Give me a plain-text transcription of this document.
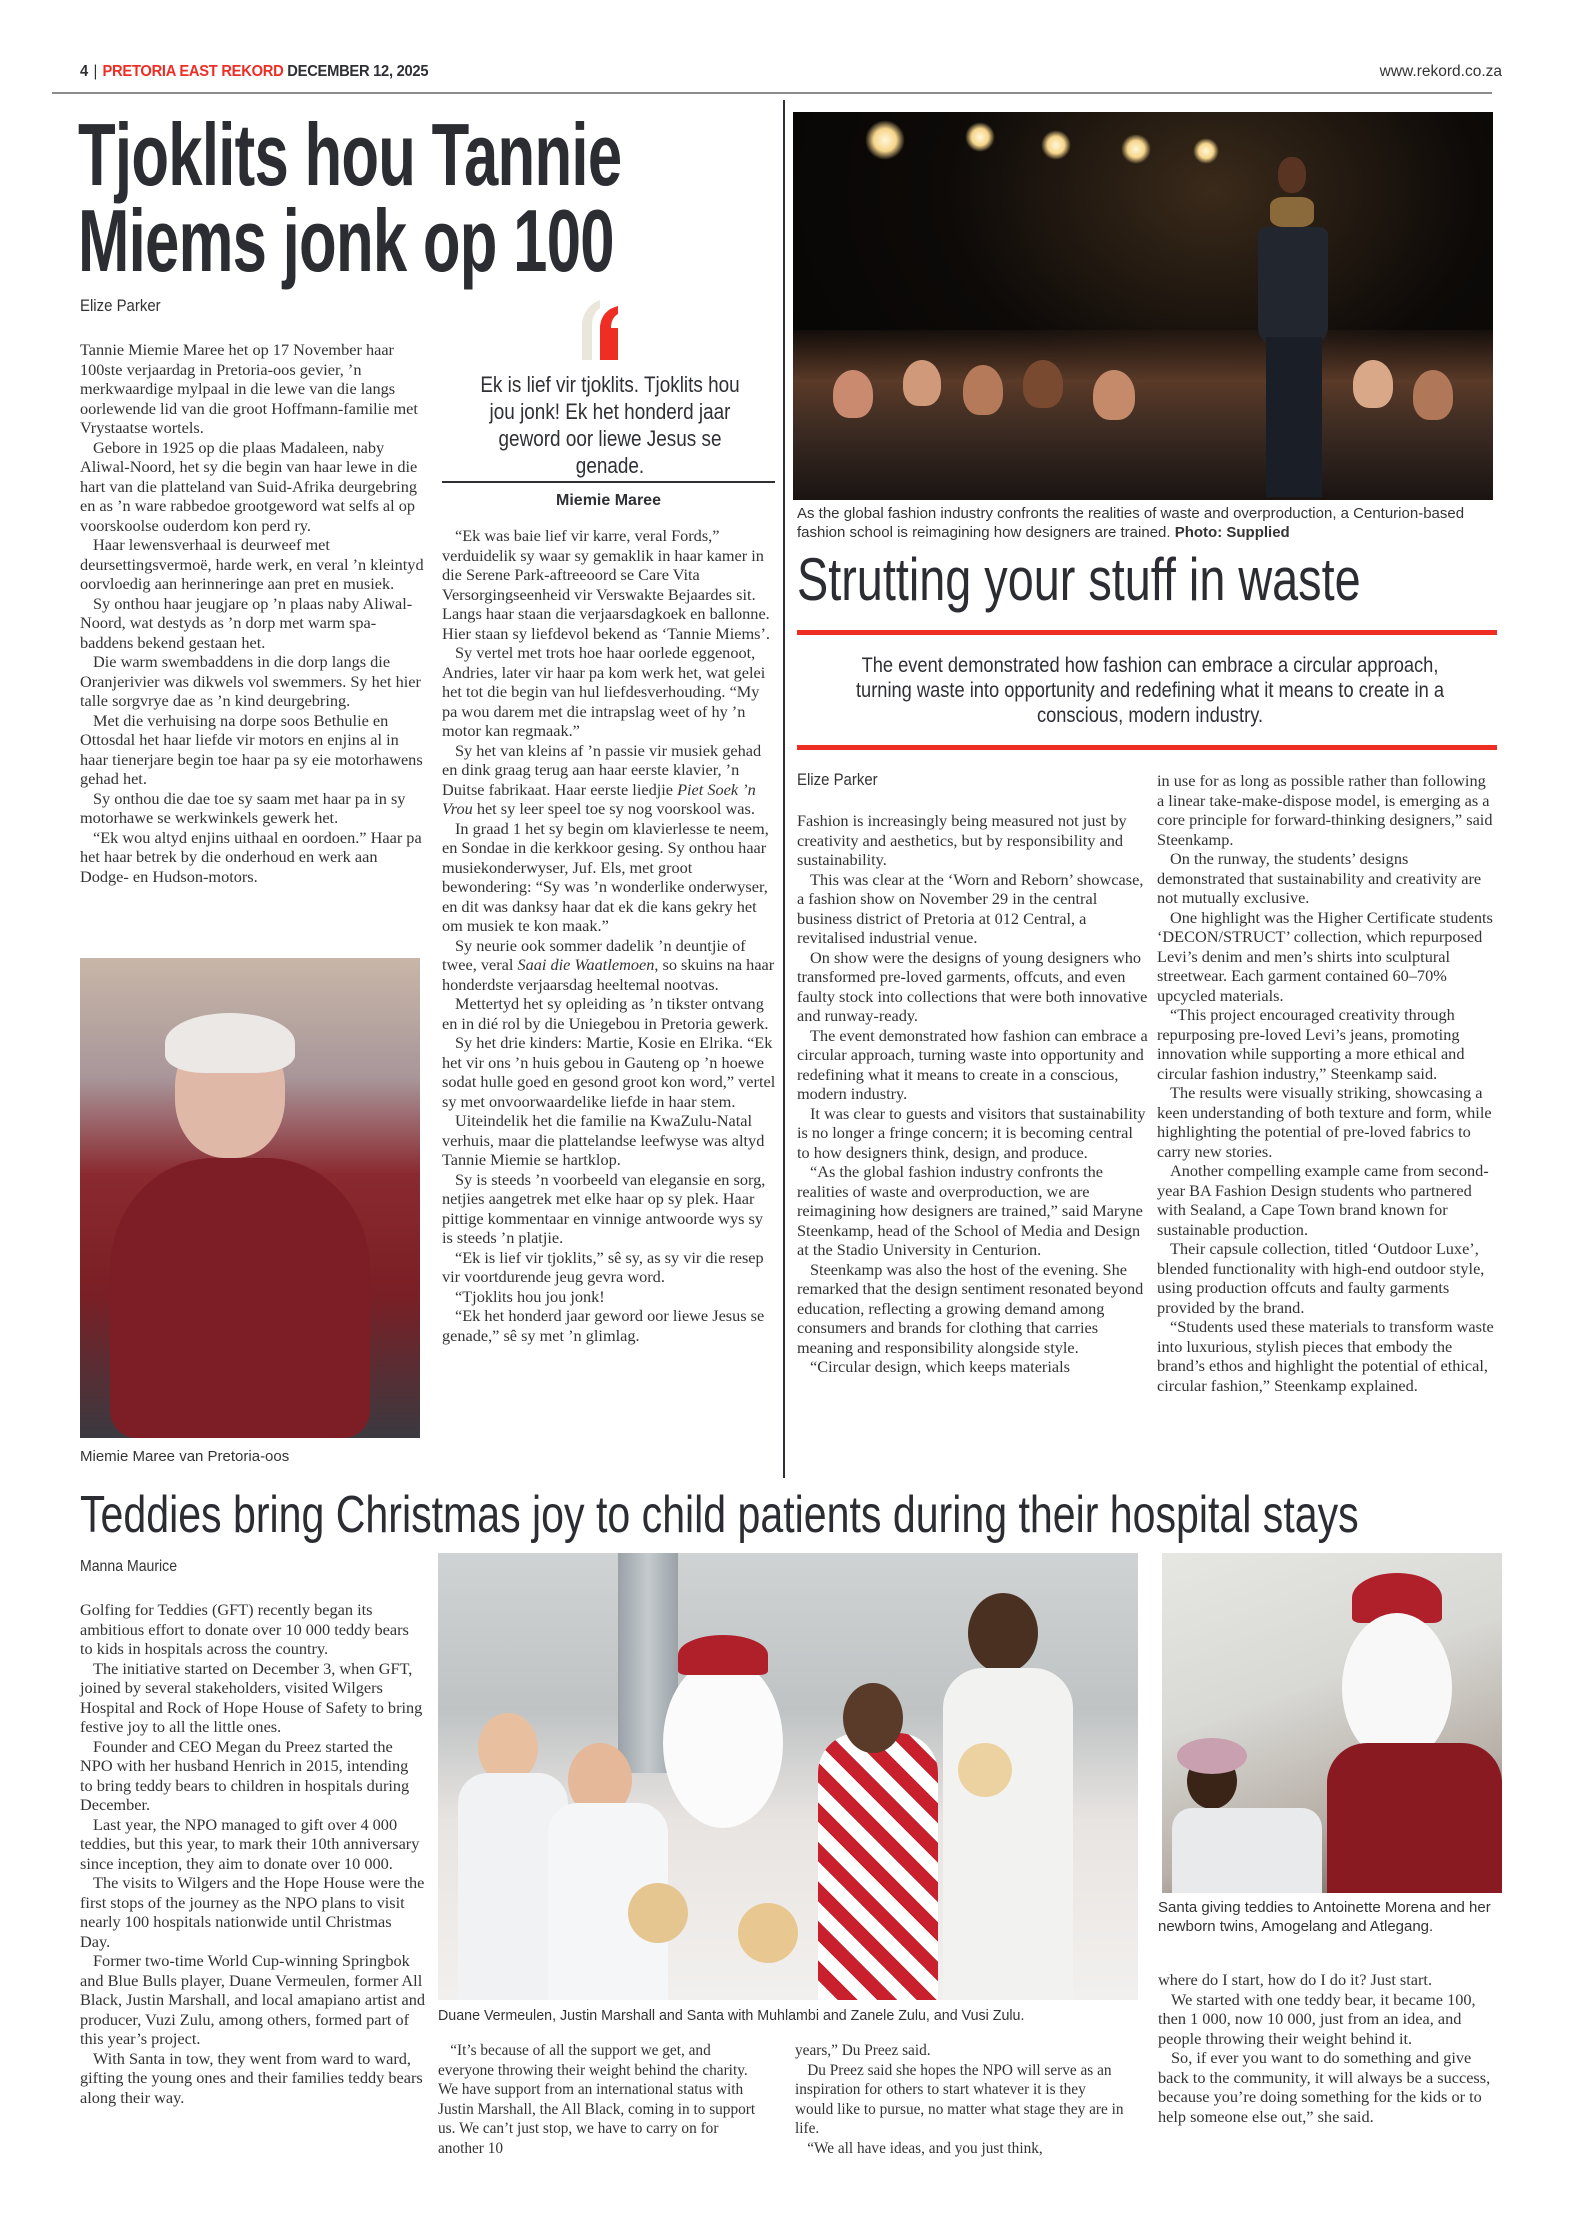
4 | PRETORIA EAST REKORD DECEMBER 12, 2025	www.rekord.co.za
Tjoklits hou Tannie
Miems jonk op 100
Elize Parker

Tannie Miemie Maree het op 17 November haar 100ste verjaardag in Pretoria-oos gevier, ’n merkwaardige mylpaal in die lewe van die langs oorlewende lid van die groot Hoffmann-familie met Vrystaatse wortels.

Gebore in 1925 op die plaas Madaleen, naby Aliwal-Noord, het sy die begin van haar lewe in die hart van die platteland van Suid-Afrika deurgebring en as ’n ware rabbedoe grootgeword wat selfs al op voorskoolse ouderdom kon perd ry.

Haar lewensverhaal is deurweef met deursettingsvermoë, harde werk, en veral ’n kleintyd oorvloedig aan herinneringe aan pret en musiek.

Sy onthou haar jeugjare op ’n plaas naby Aliwal-Noord, wat destyds as ’n dorp met warm spa-baddens bekend gestaan het.

Die warm swembaddens in die dorp langs die Oranjerivier was dikwels vol swemmers. Sy het hier talle sorgvrye dae as ’n kind deurgebring.

Met die verhuising na dorpe soos Bethulie en Ottosdal het haar liefde vir motors en enjins al in haar tienerjare begin toe haar pa sy eie motorhawens gehad het.

Sy onthou die dae toe sy saam met haar pa in sy motorhawe se werkwinkels gewerk het.

“Ek wou altyd enjins uithaal en oordoen.” Haar pa het haar betrek by die onderhoud en werk aan Dodge- en Hudson-motors.

Miemie Maree van Pretoria-oos
Ek is lief vir tjoklits. Tjoklits hou jou jonk! Ek het honderd jaar geword oor liewe Jesus se genade.
Miemie Maree

“Ek was baie lief vir karre, veral Fords,” verduidelik sy waar sy gemaklik in haar kamer in die Serene Park-aftreeoord se Care Vita Versorgingseenheid vir Verswakte Bejaardes sit. Langs haar staan die verjaarsdagkoek en ballonne. Hier staan sy liefdevol bekend as ‘Tannie Miems’.

Sy vertel met trots hoe haar oorlede eggenoot, Andries, later vir haar pa kom werk het, wat gelei het tot die begin van hul liefdesverhouding. “My pa wou darem met die intrapslag weet of hy ’n motor kan regmaak.”

Sy het van kleins af ’n passie vir musiek gehad en dink graag terug aan haar eerste klavier, ’n Duitse fabrikaat. Haar eerste liedjie Piet Soek ’n Vrou het sy leer speel toe sy nog voorskool was.

In graad 1 het sy begin om klavierlesse te neem, en Sondae in die kerkkoor gesing. Sy onthou haar musiekonderwyser, Juf. Els, met groot bewondering: “Sy was ’n wonderlike onderwyser, en dit was danksy haar dat ek die kans gekry het om musiek te kon maak.”

Sy neurie ook sommer dadelik ’n deuntjie of twee, veral Saai die Waatlemoen, so skuins na haar honderdste verjaarsdag heeltemal nootvas.

Mettertyd het sy opleiding as ’n tikster ontvang en in dié rol by die Uniegebou in Pretoria gewerk.

Sy het drie kinders: Martie, Kosie en Elrika. “Ek het vir ons ’n huis gebou in Gauteng op ’n hoewe sodat hulle goed en gesond groot kon word,” vertel sy met onvoorwaardelike liefde in haar stem.

Uiteindelik het die familie na KwaZulu-Natal verhuis, maar die plattelandse leefwyse was altyd Tannie Miemie se hartklop.

Sy is steeds ’n voorbeeld van elegansie en sorg, netjies aangetrek met elke haar op sy plek. Haar pittige kommentaar en vinnige antwoorde wys sy is steeds ’n platjie.

“Ek is lief vir tjoklits,” sê sy, as sy vir die resep vir voortdurende jeug gevra word.

“Tjoklits hou jou jonk!

“Ek het honderd jaar geword oor liewe Jesus se genade,” sê sy met ’n glimlag.

As the global fashion industry confronts the realities of waste and overproduction, a Centurion-based fashion school is reimagining how designers are trained. Photo: Supplied
Strutting your stuff in waste
The event demonstrated how fashion can embrace a circular approach, turning waste into opportunity and redefining what it means to create in a conscious, modern industry.
Elize Parker

Fashion is increasingly being measured not just by creativity and aesthetics, but by responsibility and sustainability.

This was clear at the ‘Worn and Reborn’ showcase, a fashion show on November 29 in the central business district of Pretoria at 012 Central, a revitalised industrial venue.

On show were the designs of young designers who transformed pre-loved garments, offcuts, and even faulty stock into collections that were both innovative and runway-ready.

The event demonstrated how fashion can embrace a circular approach, turning waste into opportunity and redefining what it means to create in a conscious, modern industry.

It was clear to guests and visitors that sustainability is no longer a fringe concern; it is becoming central to how designers think, design, and produce.

“As the global fashion industry confronts the realities of waste and overproduction, we are reimagining how designers are trained,” said Maryne Steenkamp, head of the School of Media and Design at the Stadio University in Centurion.

Steenkamp was also the host of the evening. She remarked that the design sentiment resonated beyond education, reflecting a growing demand among consumers and brands for clothing that carries meaning and responsibility alongside style.

“Circular design, which keeps materials

in use for as long as possible rather than following a linear take-make-dispose model, is emerging as a core principle for forward-thinking designers,” said Steenkamp.

On the runway, the students’ designs demonstrated that sustainability and creativity are not mutually exclusive.

One highlight was the Higher Certificate students ‘DECON/STRUCT’ collection, which repurposed Levi’s denim and men’s shirts into sculptural streetwear. Each garment contained 60–70% upcycled materials.

“This project encouraged creativity through repurposing pre-loved Levi’s jeans, promoting innovation while supporting a more ethical and circular fashion industry,” Steenkamp said.

The results were visually striking, showcasing a keen understanding of both texture and form, while highlighting the potential of pre-loved fabrics to carry new stories.

Another compelling example came from second-year BA Fashion Design students who partnered with Sealand, a Cape Town brand known for sustainable production.

Their capsule collection, titled ‘Outdoor Luxe’, blended functionality with high-end outdoor style, using production offcuts and faulty garments provided by the brand.

“Students used these materials to transform waste into luxurious, stylish pieces that embody the brand’s ethos and highlight the potential of ethical, circular fashion,” Steenkamp explained.

Teddies bring Christmas joy to child patients during their hospital stays
Manna Maurice

Golfing for Teddies (GFT) recently began its ambitious effort to donate over 10 000 teddy bears to kids in hospitals across the country.

The initiative started on December 3, when GFT, joined by several stakeholders, visited Wilgers Hospital and Rock of Hope House of Safety to bring festive joy to all the little ones.

Founder and CEO Megan du Preez started the NPO with her husband Henrich in 2015, intending to bring teddy bears to children in hospitals during December.

Last year, the NPO managed to gift over 4 000 teddies, but this year, to mark their 10th anniversary since inception, they aim to donate over 10 000.

The visits to Wilgers and the Hope House were the first stops of the journey as the NPO plans to visit nearly 100 hospitals nationwide until Christmas Day.

Former two-time World Cup-winning Springbok and Blue Bulls player, Duane Vermeulen, former All Black, Justin Marshall, and local amapiano artist and producer, Vuzi Zulu, among others, formed part of this year’s project.

With Santa in tow, they went from ward to ward, gifting the young ones and their families teddy bears along their way.

Duane Vermeulen, Justin Marshall and Santa with Muhlambi and Zanele Zulu, and Vusi Zulu.

“It’s because of all the support we get, and everyone throwing their weight behind the charity. We have support from an international status with Justin Marshall, the All Black, coming in to support us. We can’t just stop, we have to carry on for another 10

years,” Du Preez said.

Du Preez said she hopes the NPO will serve as an inspiration for others to start whatever it is they would like to pursue, no matter what stage they are in life.

“We all have ideas, and you just think,

Santa giving teddies to Antoinette Morena and her newborn twins, Amogelang and Atlegang.

where do I start, how do I do it? Just start.

We started with one teddy bear, it became 100, then 1 000, now 10 000, just from an idea, and people throwing their weight behind it.

So, if ever you want to do something and give back to the community, it will always be a success, because you’re doing something for the kids or to help someone else out,” she said.
